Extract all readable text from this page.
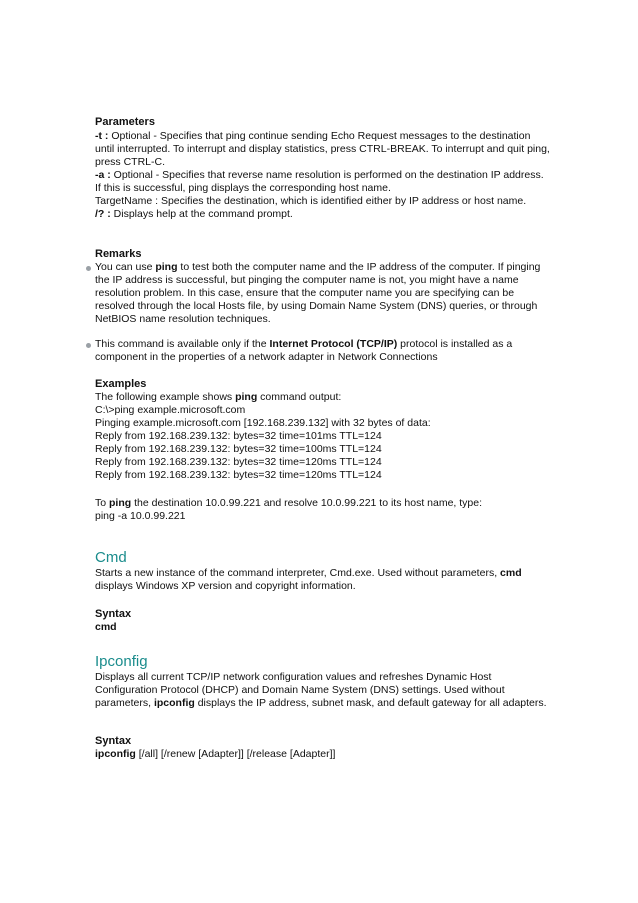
Parameters

-t : Optional - Specifies that ping continue sending Echo Request messages to the destination until interrupted. To interrupt and display statistics, press CTRL-BREAK. To interrupt and quit ping, press CTRL-C.

-a : Optional - Specifies that reverse name resolution is performed on the destination IP address. If this is successful, ping displays the corresponding host name.

TargetName : Specifies the destination, which is identified either by IP address or host name.

/? : Displays help at the command prompt.

Remarks

You can use ping to test both the computer name and the IP address of the computer. If pinging the IP address is successful, but pinging the computer name is not, you might have a name resolution problem. In this case, ensure that the computer name you are specifying can be resolved through the local Hosts file, by using Domain Name System (DNS) queries, or through NetBIOS name resolution techniques.

This command is available only if the Internet Protocol (TCP/IP) protocol is installed as a component in the properties of a network adapter in Network Connections

Examples

The following example shows ping command output:

C:\>ping example.microsoft.com

Pinging example.microsoft.com [192.168.239.132] with 32 bytes of data:

Reply from 192.168.239.132: bytes=32 time=101ms TTL=124

Reply from 192.168.239.132: bytes=32 time=100ms TTL=124

Reply from 192.168.239.132: bytes=32 time=120ms TTL=124

Reply from 192.168.239.132: bytes=32 time=120ms TTL=124

To ping the destination 10.0.99.221 and resolve 10.0.99.221 to its host name, type:

ping -a 10.0.99.221

Cmd

Starts a new instance of the command interpreter, Cmd.exe. Used without parameters, cmd displays Windows XP version and copyright information.

Syntax

cmd

Ipconfig

Displays all current TCP/IP network configuration values and refreshes Dynamic Host Configuration Protocol (DHCP) and Domain Name System (DNS) settings. Used without parameters, ipconfig displays the IP address, subnet mask, and default gateway for all adapters.

Syntax

ipconfig [/all] [/renew [Adapter]] [/release [Adapter]]
